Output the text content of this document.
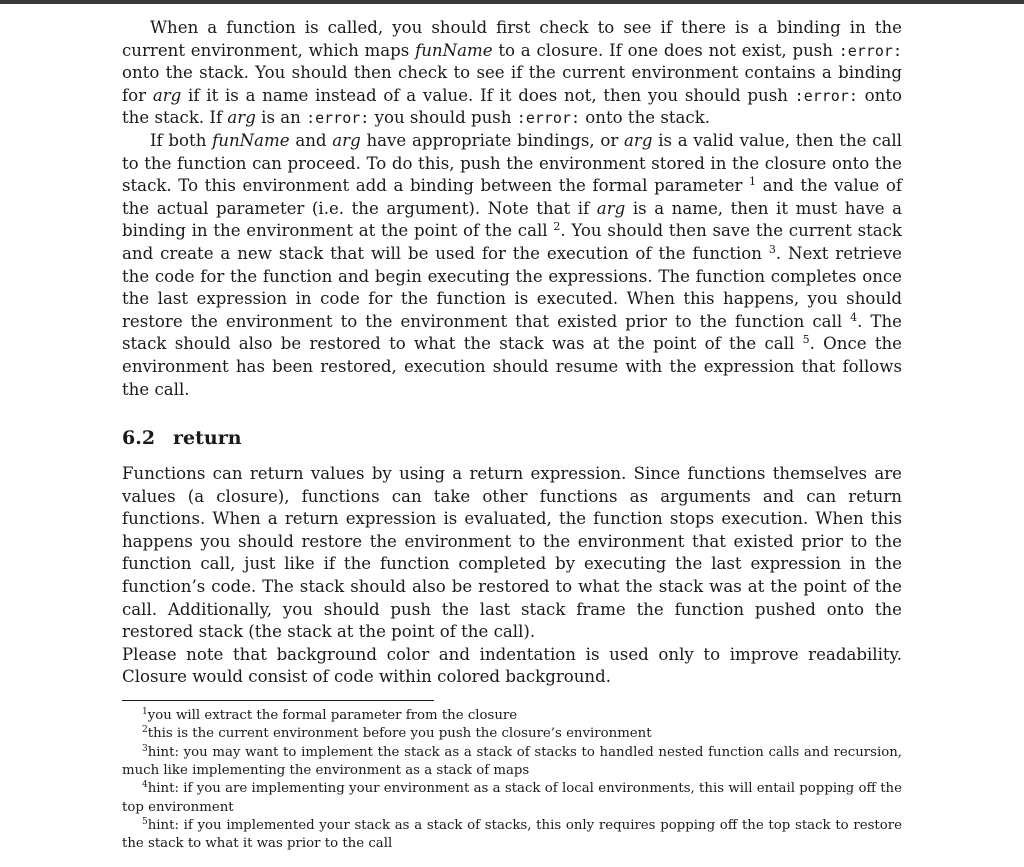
When a function is called, you should first check to see if there is a binding in the current environment, which maps funName to a closure. If one does not exist, push :error: onto the stack. You should then check to see if the current environment contains a binding for arg if it is a name instead of a value. If it does not, then you should push :error: onto the stack. If arg is an :error: you should push :error: onto the stack.

If both funName and arg have appropriate bindings, or arg is a valid value, then the call to the function can proceed. To do this, push the environment stored in the closure onto the stack. To this environment add a binding between the formal parameter $^1$ and the value of the actual parameter (i.e. the argument). Note that if arg is a name, then it must have a binding in the environment at the point of the call $^2$. You should then save the current stack and create a new stack that will be used for the execution of the function $^3$. Next retrieve the code for the function and begin executing the expressions. The function completes once the last expression in code for the function is executed. When this happens, you should restore the environment to the environment that existed prior to the function call $^4$. The stack should also be restored to what the stack was at the point of the call $^5$. Once the environment has been restored, execution should resume with the expression that follows the call.

6.2 return

Functions can return values by using a return expression. Since functions themselves are values (a closure), functions can take other functions as arguments and can return functions. When a return expression is evaluated, the function stops execution. When this happens you should restore the environment to the environment that existed prior to the function call, just like if the function completed by executing the last expression in the function’s code. The stack should also be restored to what the stack was at the point of the call. Additionally, you should push the last stack frame the function pushed onto the restored stack (the stack at the point of the call).

Please note that background color and indentation is used only to improve readability. Closure would consist of code within colored background.

$^1$you will extract the formal parameter from the closure

$^2$this is the current environment before you push the closure’s environment

$^3$hint: you may want to implement the stack as a stack of stacks to handled nested function calls and recursion, much like implementing the environment as a stack of maps

$^4$hint: if you are implementing your environment as a stack of local environments, this will entail popping off the top environment

$^5$hint: if you implemented your stack as a stack of stacks, this only requires popping off the top stack to restore the stack to what it was prior to the call
